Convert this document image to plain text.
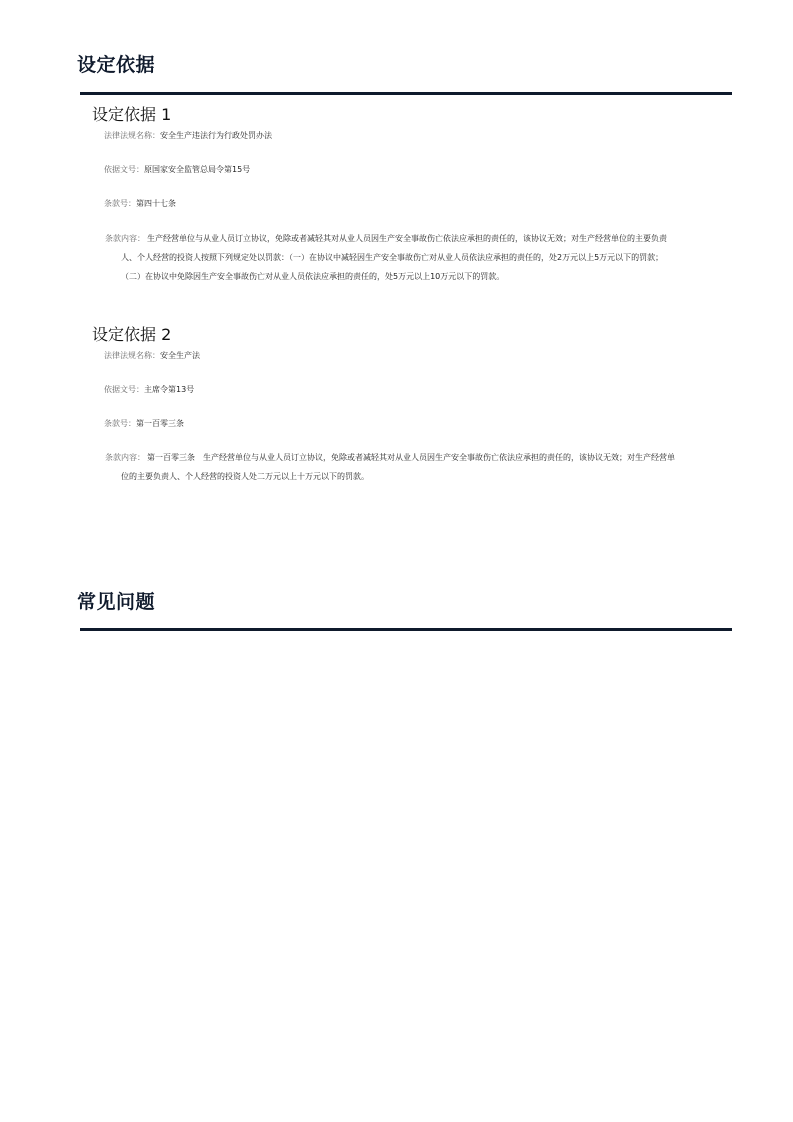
设定依据
设定依据 1
法律法规名称：安全生产违法行为行政处罚办法
依据文号：原国家安全监管总局令第15号
条款号：第四十七条
条款内容： 生产经营单位与从业人员订立协议，免除或者减轻其对从业人员因生产安全事故伤亡依法应承担的责任的，该协议无效；对生产经营单位的主要负责人、个人经营的投资人按照下列规定处以罚款：（一）在协议中减轻因生产安全事故伤亡对从业人员依法应承担的责任的，处2万元以上5万元以下的罚款；（二）在协议中免除因生产安全事故伤亡对从业人员依法应承担的责任的，处5万元以上10万元以下的罚款。
设定依据 2
法律法规名称：安全生产法
依据文号：主席令第13号
条款号：第一百零三条
条款内容： 第一百零三条　生产经营单位与从业人员订立协议，免除或者减轻其对从业人员因生产安全事故伤亡依法应承担的责任的，该协议无效；对生产经营单位的主要负责人、个人经营的投资人处二万元以上十万元以下的罚款。
常见问题
